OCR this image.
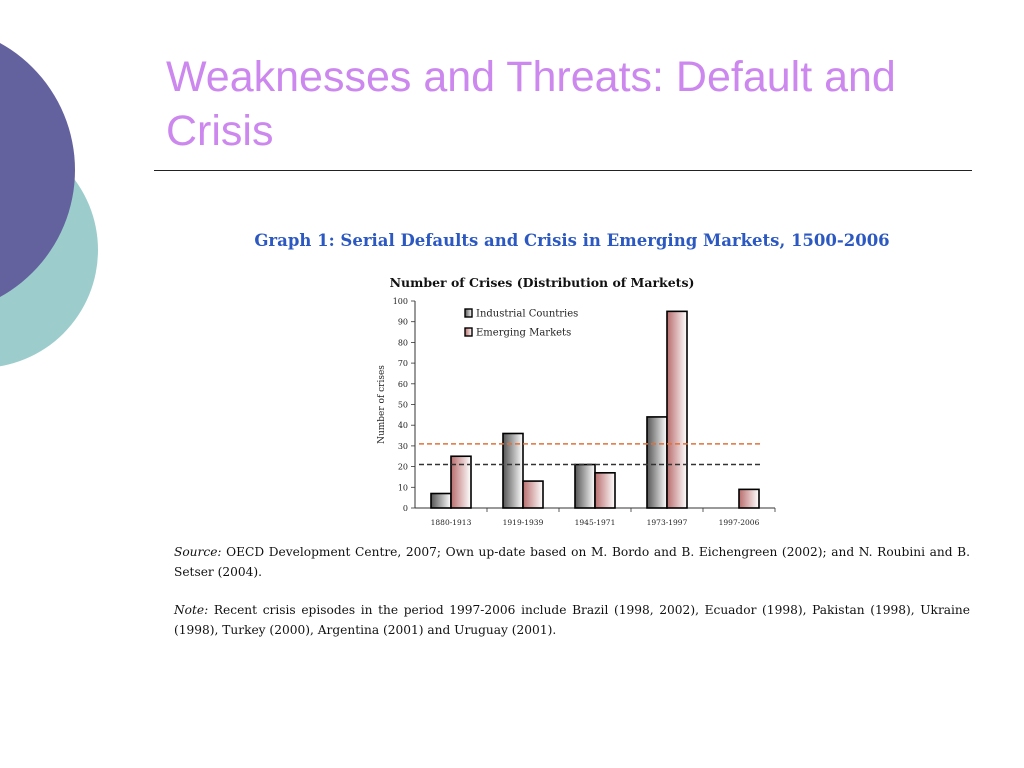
Weaknesses and Threats: Default and Crisis
Graph 1: Serial Defaults and Crisis in Emerging Markets, 1500-2006
Number of Crises (Distribution of Markets)
Number of crises
0
10
20
30
40
50
60
70
80
90
100
1880-1913	1919-1939	1945-1971	1973-1997	1997-2006
Industrial Countries
Emerging Markets

Source: OECD Development Centre, 2007; Own up-date based on M. Bordo and B. Eichengreen (2002); and N. Roubini and B. Setser (2004).

Note: Recent crisis episodes in the period 1997-2006 include Brazil (1998, 2002), Ecuador (1998), Pakistan (1998), Ukraine (1998), Turkey (2000), Argentina (2001) and Uruguay (2001).
